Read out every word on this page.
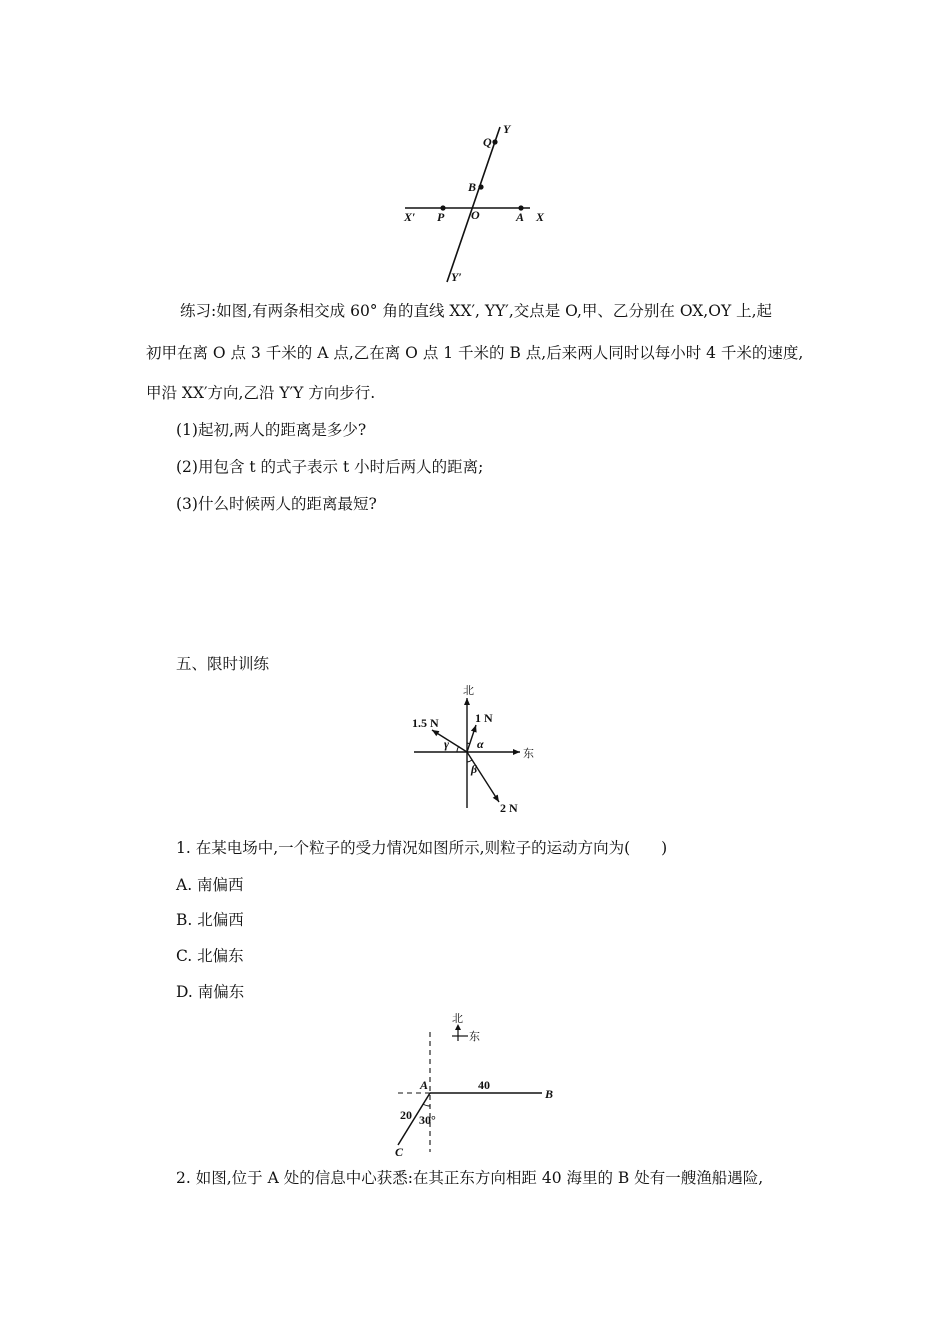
Y
Q
B
X′ P O	A X
Y′
练习:如图,有两条相交成 60° 角的直线 XX′, YY′,交点是 O,甲、乙分别在 OX,OY 上,起
初甲在离 O 点 3 千米的 A 点,乙在离 O 点 1 千米的 B 点,后来两人同时以每小时 4 千米的速度,
甲沿 XX′方向,乙沿 Y′Y 方向步行.
(1)起初,两人的距离是多少?
(2)用包含 t 的式子表示 t 小时后两人的距离;
(3)什么时候两人的距离最短?
五、限时训练
北
东
1.5 N	1 N
2 N
γ α
β
1. 在某电场中,一个粒子的受力情况如图所示,则粒子的运动方向为(　　)
A. 南偏西
B. 北偏西
C. 北偏东
D. 南偏东
北
东
A
B
C
40
20 30°
2. 如图,位于 A 处的信息中心获悉:在其正东方向相距 40 海里的 B 处有一艘渔船遇险,
